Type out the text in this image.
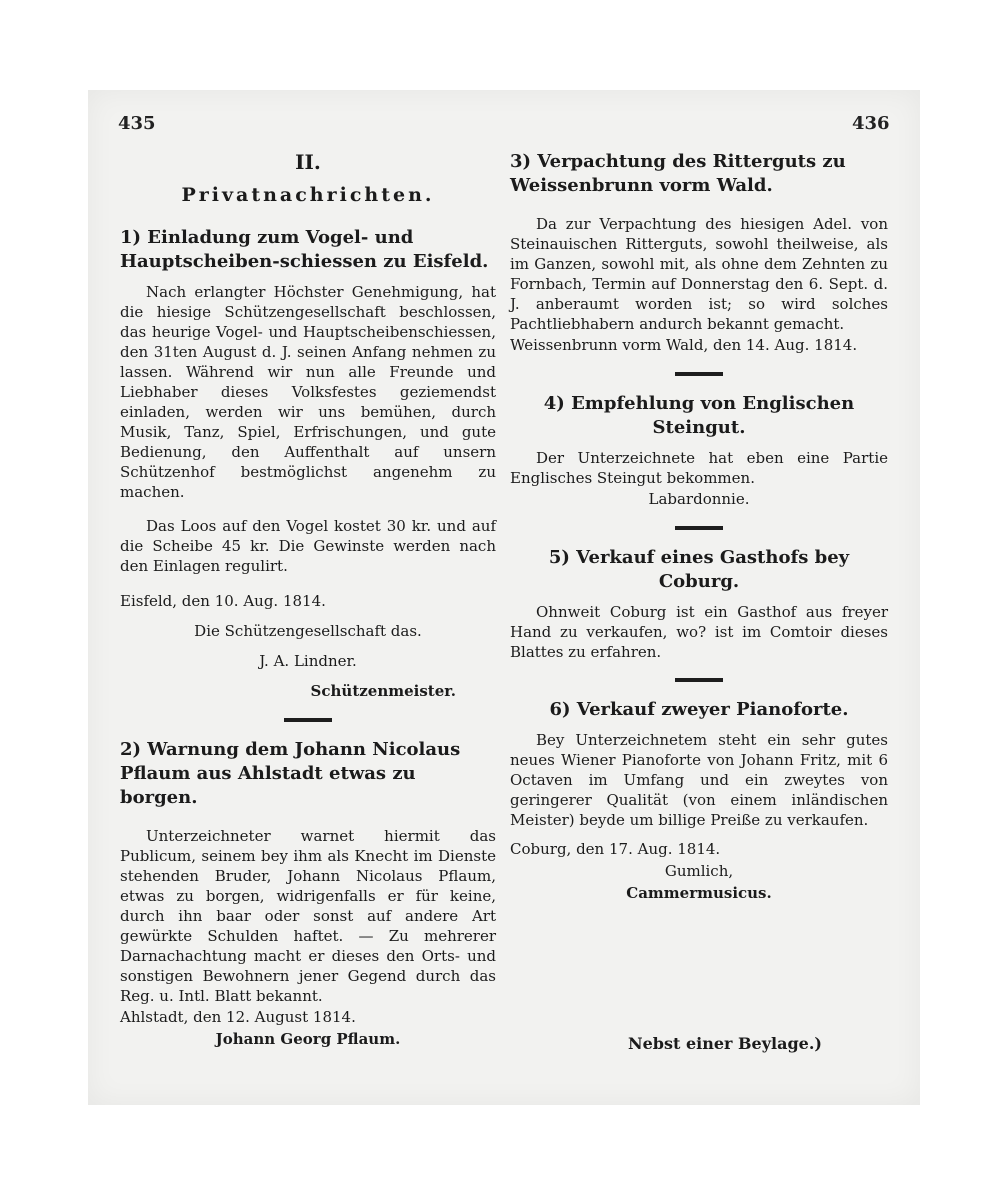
435	436
II.
Privatnachrichten.
1) Einladung zum Vogel- und Hauptscheiben-schiessen zu Eisfeld.

Nach erlangter Höchster Genehmigung, hat die hiesige Schützengesellschaft beschlossen, das heurige Vogel- und Hauptscheibenschiessen, den 31ten August d. J. seinen Anfang nehmen zu lassen. Während wir nun alle Freunde und Liebhaber dieses Volksfestes geziemendst einladen, werden wir uns bemühen, durch Musik, Tanz, Spiel, Erfrischungen, und gute Bedienung, den Auffenthalt auf unsern Schützenhof bestmöglichst angenehm zu machen.

Das Loos auf den Vogel kostet 30 kr. und auf die Scheibe 45 kr. Die Gewinste werden nach den Einlagen regulirt.

Eisfeld, den 10. Aug. 1814.

Die Schützengesellschaft das.

J. A. Lindner.

Schützenmeister.

2) Warnung dem Johann Nicolaus Pflaum aus Ahlstadt etwas zu borgen.

Unterzeichneter warnet hiermit das Publicum, seinem bey ihm als Knecht im Dienste stehenden Bruder, Johann Nicolaus Pflaum, etwas zu borgen, widrigenfalls er für keine, durch ihn baar oder sonst auf andere Art gewürkte Schulden haftet. — Zu mehrerer Darnachachtung macht er dieses den Orts- und sonstigen Bewohnern jener Gegend durch das Reg. u. Intl. Blatt bekannt.

Ahlstadt, den 12. August 1814.

Johann Georg Pflaum.

3) Verpachtung des Ritterguts zu Weissenbrunn vorm Wald.

Da zur Verpachtung des hiesigen Adel. von Steinauischen Ritterguts, sowohl theilweise, als im Ganzen, sowohl mit, als ohne dem Zehnten zu Fornbach, Termin auf Donnerstag den 6. Sept. d. J. anberaumt worden ist; so wird solches Pachtliebhabern andurch bekannt gemacht.

Weissenbrunn vorm Wald, den 14. Aug. 1814.

4) Empfehlung von Englischen Steingut.

Der Unterzeichnete hat eben eine Partie Englisches Steingut bekommen.

Labardonnie.

5) Verkauf eines Gasthofs bey Coburg.

Ohnweit Coburg ist ein Gasthof aus freyer Hand zu verkaufen, wo? ist im Comtoir dieses Blattes zu erfahren.

6) Verkauf zweyer Pianoforte.

Bey Unterzeichnetem steht ein sehr gutes neues Wiener Pianoforte von Johann Fritz, mit 6 Octaven im Umfang und ein zweytes von geringerer Qualität (von einem inländischen Meister) beyde um billige Preiße zu verkaufen.

Coburg, den 17. Aug. 1814.

Gumlich,

Cammermusicus.

Nebst einer Beylage.)
